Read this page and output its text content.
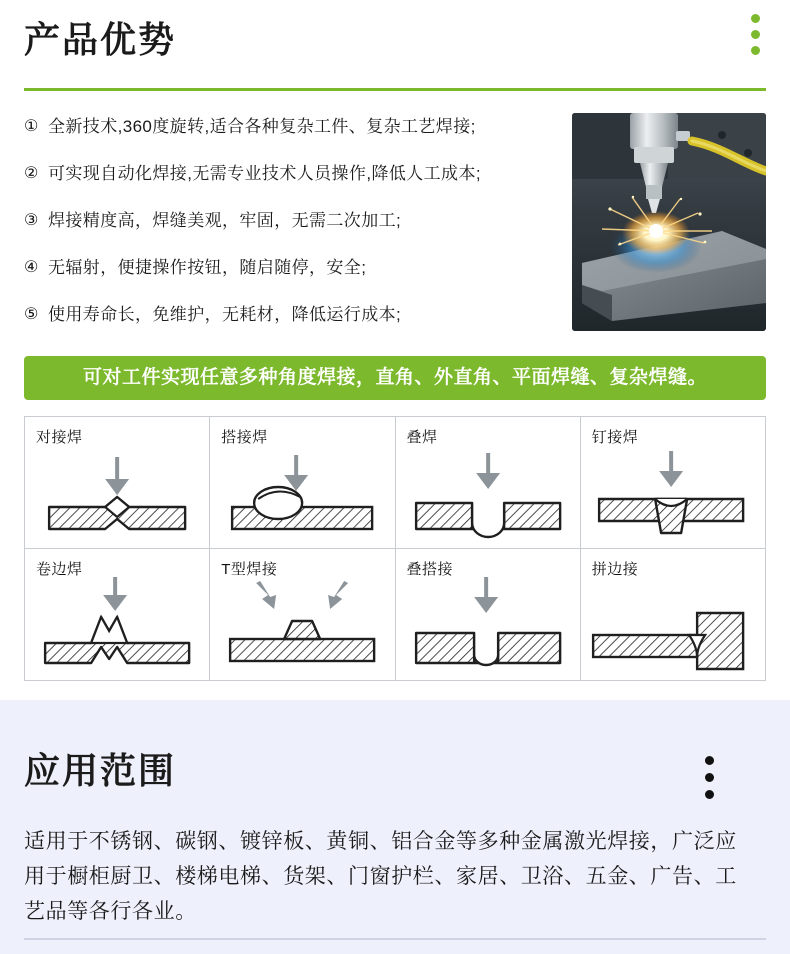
产品优势
① 全新技术,360度旋转,适合各种复杂工件、复杂工艺焊接;
② 可实现自动化焊接,无需专业技术人员操作,降低人工成本;
③ 焊接精度高，焊缝美观，牢固，无需二次加工;
④ 无辐射，便捷操作按钮，随启随停，安全;
⑤ 使用寿命长，免维护，无耗材，降低运行成本;
可对工件实现任意多种角度焊接，直角、外直角、平面焊缝、复杂焊缝。
对接焊	搭接焊	叠焊	钉接焊
卷边焊	T型焊接	叠搭接	拼边接
应用范围

适用于不锈钢、碳钢、镀锌板、黄铜、铝合金等多种金属激光焊接，广泛应用于橱柜厨卫、楼梯电梯、货架、门窗护栏、家居、卫浴、五金、广告、工艺品等各行各业。
